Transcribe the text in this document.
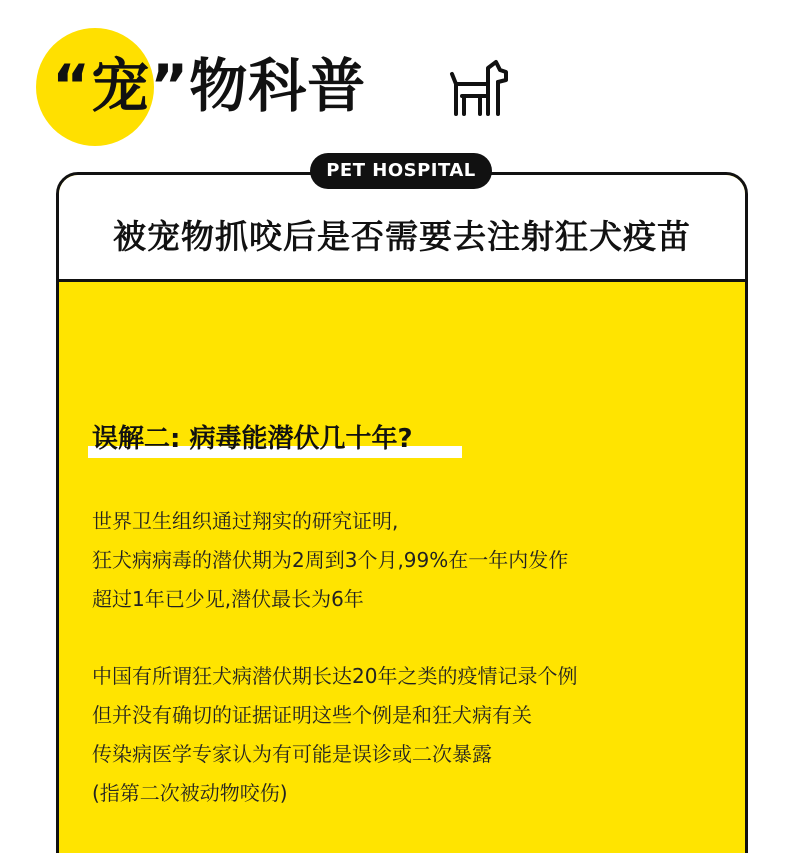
“宠”物科普
PET HOSPITAL
被宠物抓咬后是否需要去注射狂犬疫苗
误解二: 病毒能潜伏几十年?
世界卫生组织通过翔实的研究证明,
狂犬病病毒的潜伏期为2周到3个月,99%在一年内发作
超过1年已少见,潜伏最长为6年
中国有所谓狂犬病潜伏期长达20年之类的疫情记录个例
但并没有确切的证据证明这些个例是和狂犬病有关
传染病医学专家认为有可能是误诊或二次暴露
(指第二次被动物咬伤)
